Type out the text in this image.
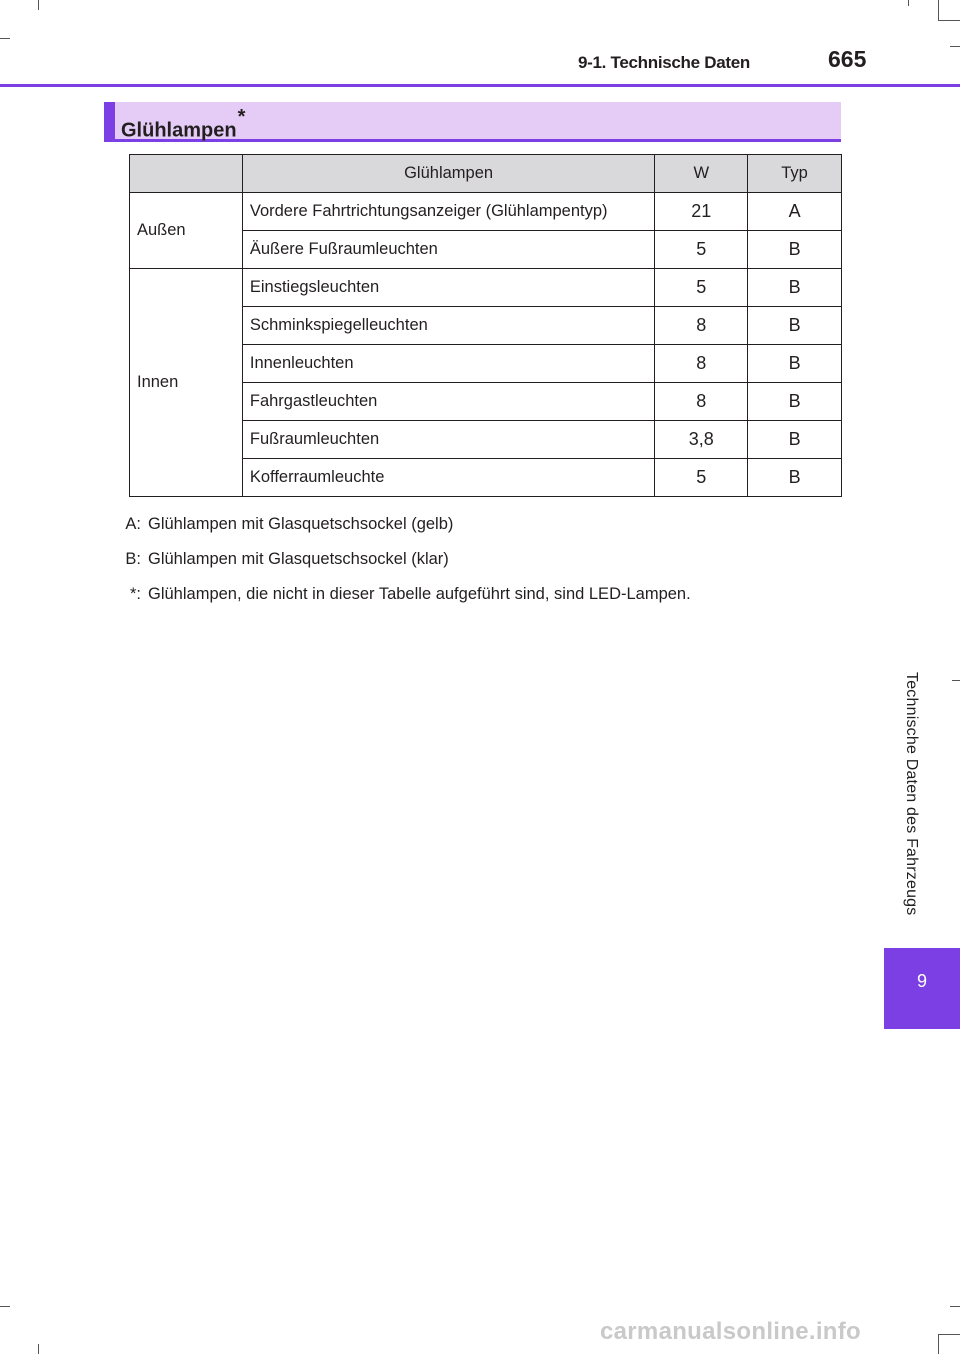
9-1. Technische Daten	665
Glühlampen*
	Glühlampen	W	Typ
Außen	Vordere Fahrtrichtungsanzeiger (Glühlampentyp)	21	A
	Äußere Fußraumleuchten	5	B
Innen	Einstiegsleuchten	5	B
	Schminkspiegelleuchten	8	B
	Innenleuchten	8	B
	Fahrgastleuchten	8	B
	Fußraumleuchten	3,8	B
	Kofferraumleuchte	5	B
A: Glühlampen mit Glasquetschsockel (gelb)
B: Glühlampen mit Glasquetschsockel (klar)
*: Glühlampen, die nicht in dieser Tabelle aufgeführt sind, sind LED-Lampen.
Technische Daten des Fahrzeugs
9
carmanualsonline.info
